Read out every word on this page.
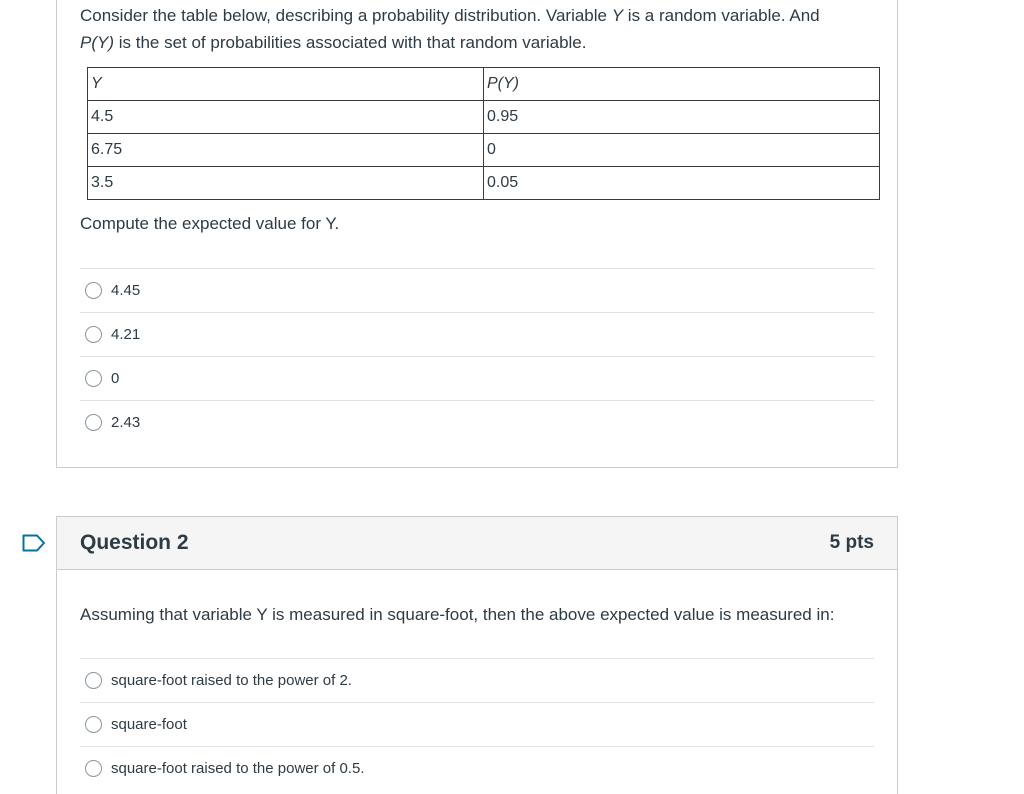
Consider the table below, describing a probability distribution. Variable Y is a random variable. And
P(Y) is the set of probabilities associated with that random variable.
Y	P(Y)
4.5	0.95
6.75	0
3.5	0.05
Compute the expected value for Y.
4.45
4.21
0
2.43
Question 2	5 pts
Assuming that variable Y is measured in square-foot, then the above expected value is measured in:
square-foot raised to the power of 2.
square-foot
square-foot raised to the power of 0.5.
